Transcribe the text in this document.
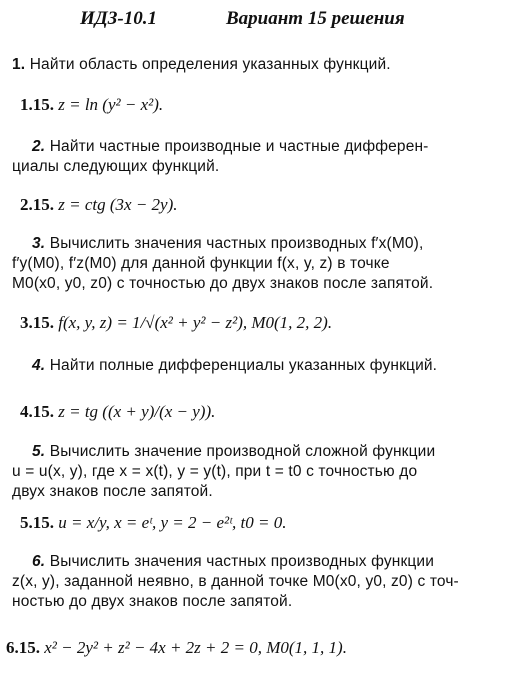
ИДЗ-10.1	Вариант 15 решения
1. Найти область определения указанных функций.
1.15. z = ln (y² − x²).
2. Найти частные производные и частные дифферен-
циалы следующих функций.
2.15. z = ctg (3x − 2y).
3. Вычислить значения частных производных f′x(M0),
f′y(M0), f′z(M0) для данной функции f(x, y, z) в точке
M0(x0, y0, z0) с точностью до двух знаков после запятой.
3.15. f(x, y, z) = 1/√(x² + y² − z²), M0(1, 2, 2).
4. Найти полные дифференциалы указанных функций.
4.15. z = tg ((x + y)/(x − y)).
5. Вычислить значение производной сложной функции
u = u(x, y), где x = x(t), y = y(t), при t = t0 с точностью до
двух знаков после запятой.
5.15. u = x/y, x = eᵗ, y = 2 − e²ᵗ, t0 = 0.
6. Вычислить значения частных производных функции
z(x, y), заданной неявно, в данной точке M0(x0, y0, z0) с точ-
ностью до двух знаков после запятой.
6.15. x² − 2y² + z² − 4x + 2z + 2 = 0, M0(1, 1, 1).
